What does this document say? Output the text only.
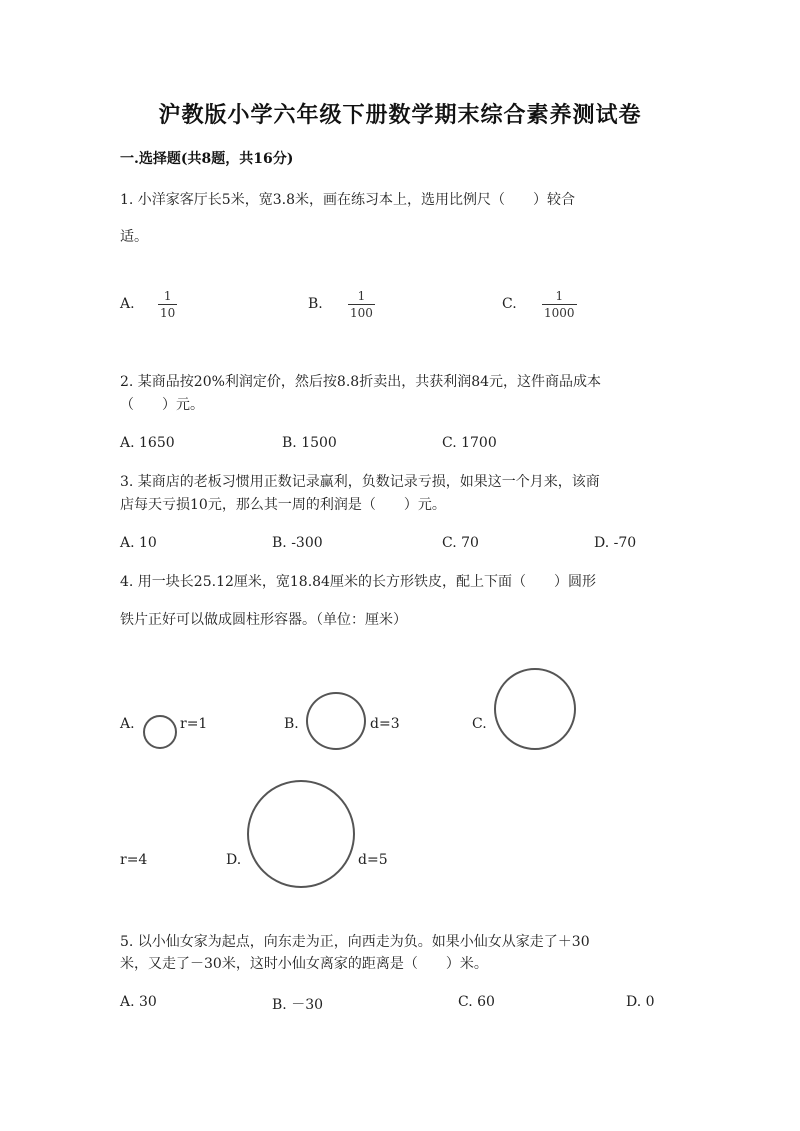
沪教版小学六年级下册数学期末综合素养测试卷
一.选择题(共8题，共16分)
1. 小洋家客厅长5米，宽3.8米，画在练习本上，选用比例尺（　　）较合
适。
A.	1
10
B.	1
100
C.	1
1000
2. 某商品按20%利润定价，然后按8.8折卖出，共获利润84元，这件商品成本
（　　）元。
A. 1650	B. 1500	C. 1700
3. 某商店的老板习惯用正数记录赢利，负数记录亏损，如果这一个月来，该商
店每天亏损10元，那么其一周的利润是（　　）元。
A. 10	B. -300	C. 70	D. -70
4. 用一块长25.12厘米，宽18.84厘米的长方形铁皮，配上下面（　　）圆形
铁片正好可以做成圆柱形容器。（单位：厘米）
A.	r=1	B.	d=3	C.
r=4	D.	d=5
5. 以小仙女家为起点，向东走为正，向西走为负。如果小仙女从家走了＋30
米，又走了－30米，这时小仙女离家的距离是（　　）米。
A. 30	B. －30	C. 60	D. 0
